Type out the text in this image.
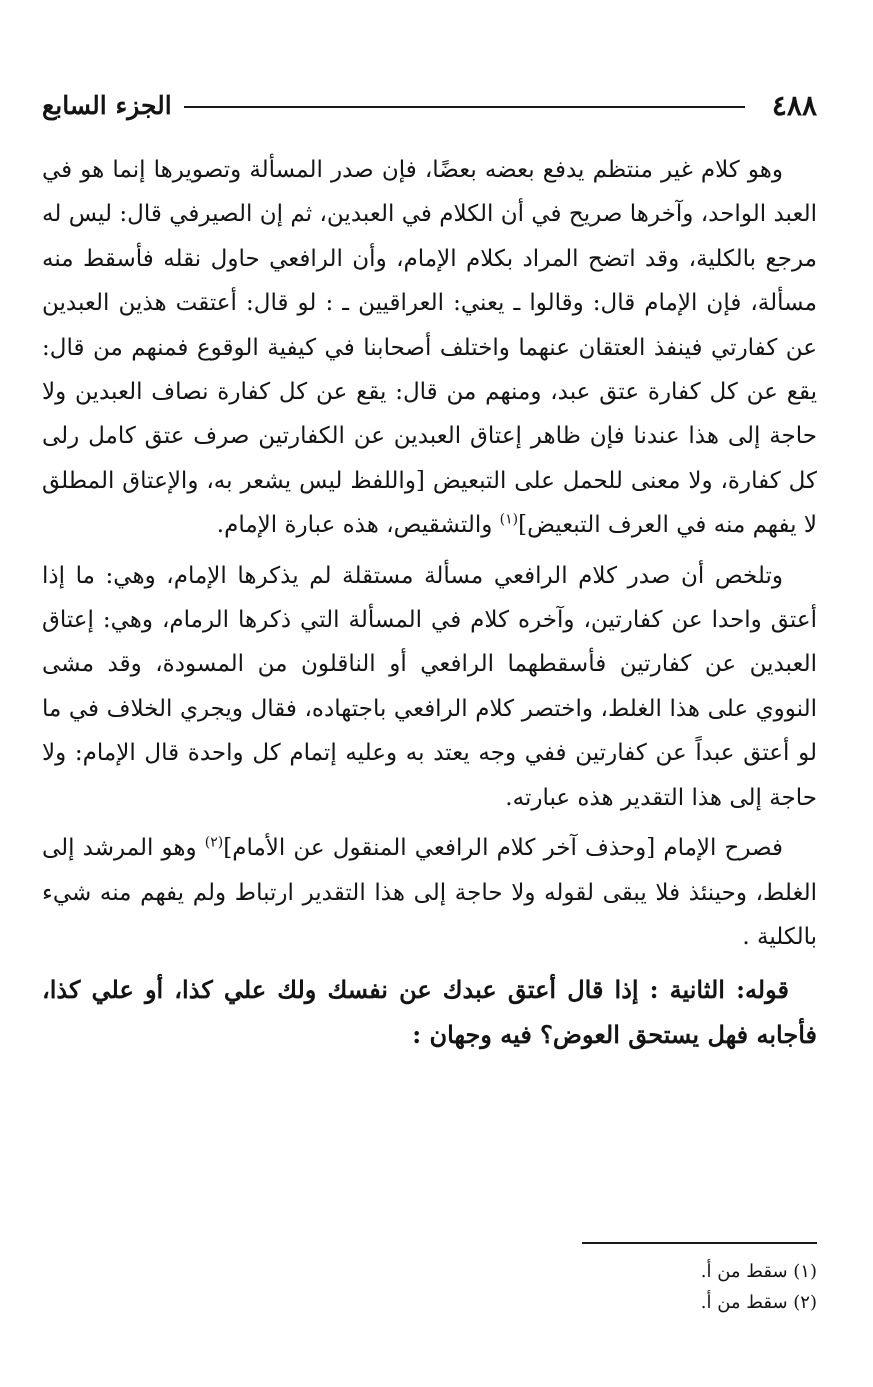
٤٨٨
الجزء السابع

وهو كلام غير منتظم يدفع بعضه بعضًا، فإن صدر المسألة وتصويرها إنما هو في العبد الواحد، وآخرها صريح في أن الكلام في العبدين، ثم إن الصيرفي قال: ليس له مرجع بالكلية، وقد اتضح المراد بكلام الإمام، وأن الرافعي حاول نقله فأسقط منه مسألة، فإن الإمام قال: وقالوا ـ يعني: العراقيين ـ : لو قال: أعتقت هذين العبدين عن كفارتي فينفذ العتقان عنهما واختلف أصحابنا في كيفية الوقوع فمنهم من قال: يقع عن كل كفارة عتق عبد، ومنهم من قال: يقع عن كل كفارة نصاف العبدين ولا حاجة إلى هذا عندنا فإن ظاهر إعتاق العبدين عن الكفارتين صرف عتق كامل رلى كل كفارة، ولا معنى للحمل على التبعيض [واللفظ ليس يشعر به، والإعتاق المطلق لا يفهم منه في العرف التبعيض]$^{(١)}$ والتشقيص، هذه عبارة الإمام.

وتلخص أن صدر كلام الرافعي مسألة مستقلة لم يذكرها الإمام، وهي: ما إذا أعتق واحدا عن كفارتين، وآخره كلام في المسألة التي ذكرها الرمام، وهي: إعتاق العبدين عن كفارتين فأسقطهما الرافعي أو الناقلون من المسودة، وقد مشى النووي على هذا الغلط، واختصر كلام الرافعي باجتهاده، فقال ويجري الخلاف في ما لو أعتق عبداً عن كفارتين ففي وجه يعتد به وعليه إتمام كل واحدة قال الإمام: ولا حاجة إلى هذا التقدير هذه عبارته.

فصرح الإمام [وحذف آخر كلام الرافعي المنقول عن الأمام]$^{(٢)}$ وهو المرشد إلى الغلط، وحينئذ فلا يبقى لقوله ولا حاجة إلى هذا التقدير ارتباط ولم يفهم منه شيء بالكلية .

قوله: الثانية : إذا قال أعتق عبدك عن نفسك ولك علي كذا، أو علي كذا، فأجابه فهل يستحق العوض؟ فيه وجهان :

(١) سقط من أ.
(٢) سقط من أ.
